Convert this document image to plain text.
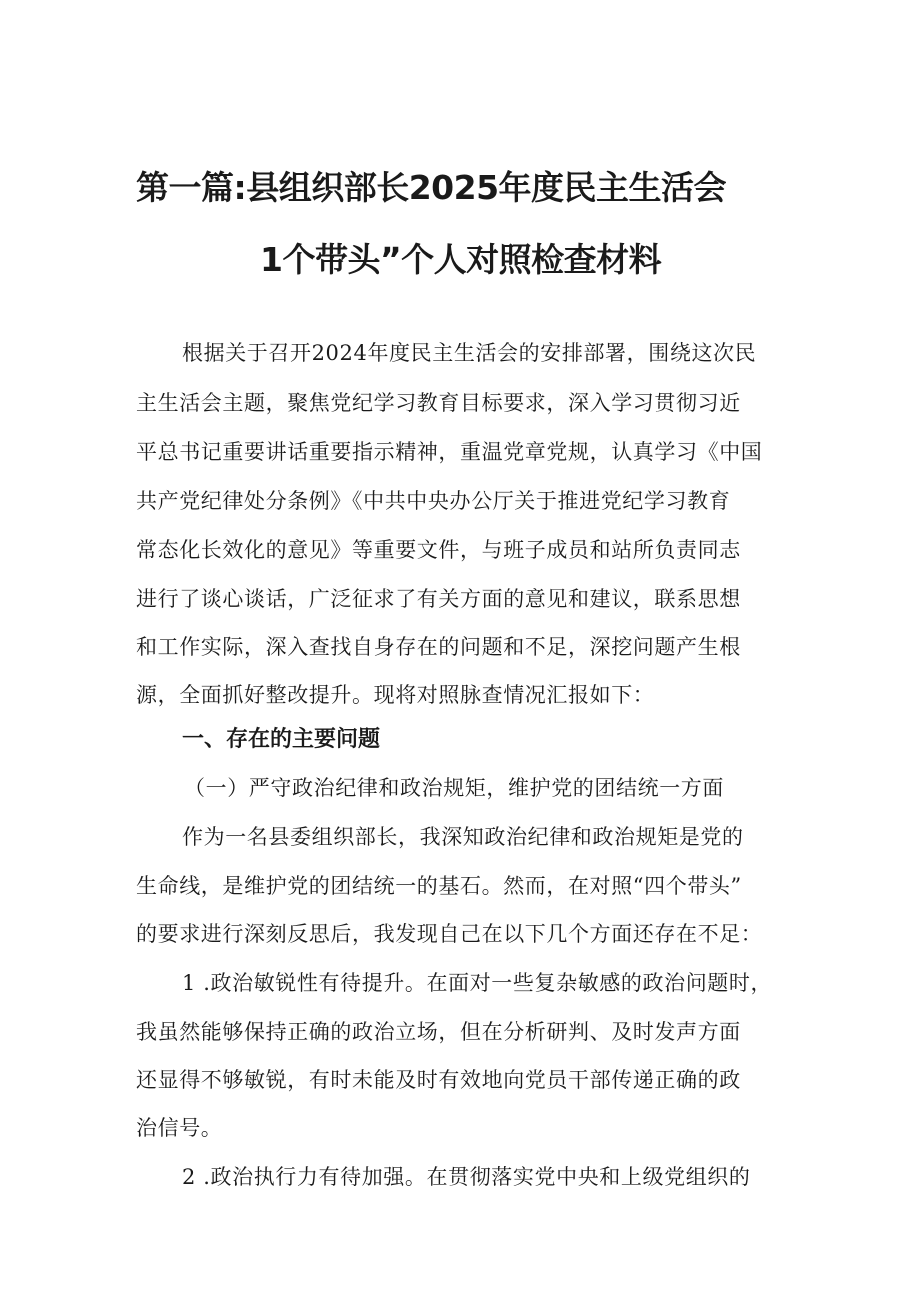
第一篇:县组织部长2025年度民主生活会
1个带头”个人对照检查材料

根据关于召开2024年度民主生活会的安排部署，围绕这次民

主生活会主题，聚焦党纪学习教育目标要求，深入学习贯彻习近

平总书记重要讲话重要指示精神，重温党章党规，认真学习《中国

共产党纪律处分条例》《中共中央办公厅关于推进党纪学习教育

常态化长效化的意见》等重要文件，与班子成员和站所负责同志

进行了谈心谈话，广泛征求了有关方面的意见和建议，联系思想

和工作实际，深入查找自身存在的问题和不足，深挖问题产生根

源，全面抓好整改提升。现将对照脉查情况汇报如下：

一、存在的主要问题

（一）严守政治纪律和政治规矩，维护党的团结统一方面

作为一名县委组织部长，我深知政治纪律和政治规矩是党的

生命线，是维护党的团结统一的基石。然而，在对照“四个带头”

的要求进行深刻反思后，我发现自己在以下几个方面还存在不足：

1 .政治敏锐性有待提升。在面对一些复杂敏感的政治问题时，

我虽然能够保持正确的政治立场，但在分析研判、及时发声方面

还显得不够敏锐，有时未能及时有效地向党员干部传递正确的政

治信号。

2 .政治执行力有待加强。在贯彻落实党中央和上级党组织的
